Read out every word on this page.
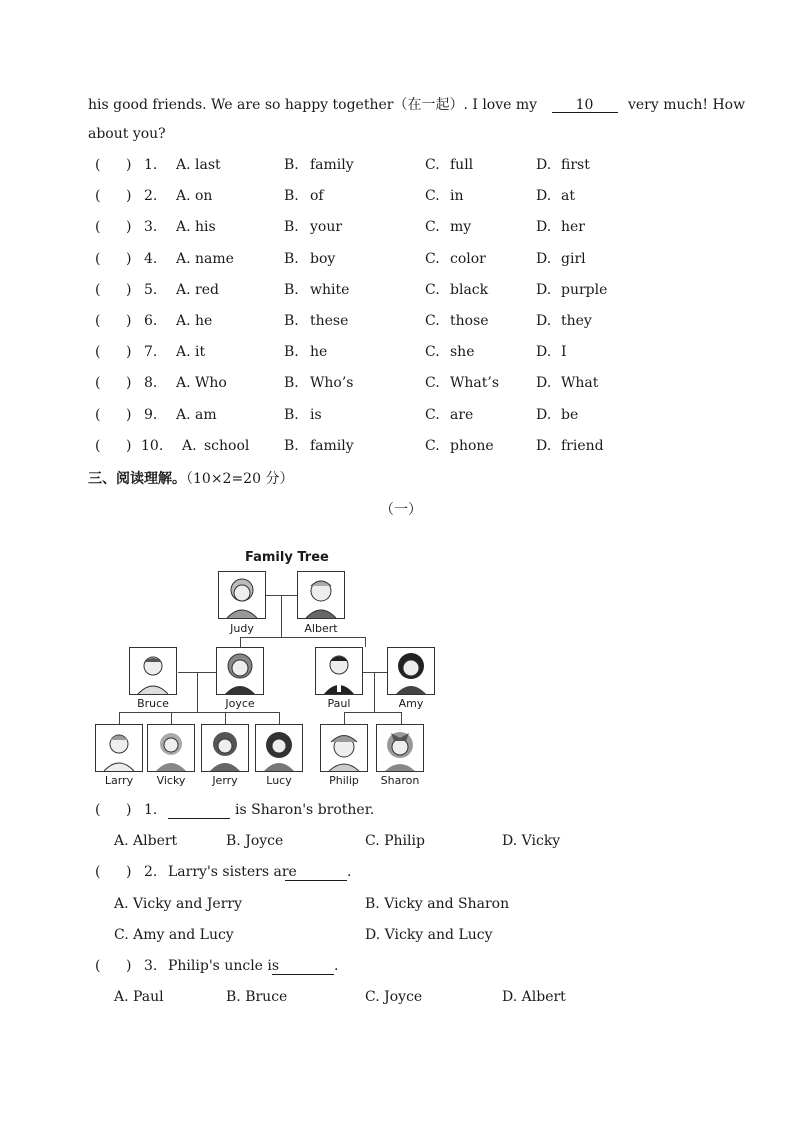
his good friends. We are so happy together（在一起）. I love my	10 very much! How
about you?
( ) 1. A. last	B. family	C. full	D. first
( ) 2. A. on	B. of	C. in	D. at
( ) 3. A. his	B. your	C. my	D. her
( ) 4. A. name	B. boy	C. color	D. girl
( ) 5. A. red	B. white	C. black	D. purple
( ) 6. A. he	B. these	C. those	D. they
( ) 7. A. it	B. he	C. she	D. I
( ) 8. A. Who	B. Who’s	C. What’s	D. What
( ) 9. A. am	B. is	C. are	D. be
( ) 10. A. school B. family	C. phone	D. friend
三、阅读理解。（10×2=20 分）
（一）
Family Tree
Judy	Albert
Bruce	Joyce	Paul	Amy
Larry	Vicky	Jerry	Lucy	Philip	Sharon
( ) 1.	is Sharon's brother.
A. Albert	B. Joyce	C. Philip	D. Vicky
( ) 2. Larry's sisters are	.
A. Vicky and Jerry	B. Vicky and Sharon
C. Amy and Lucy	D. Vicky and Lucy
( ) 3. Philip's uncle is	.
A. Paul	B. Bruce	C. Joyce	D. Albert
